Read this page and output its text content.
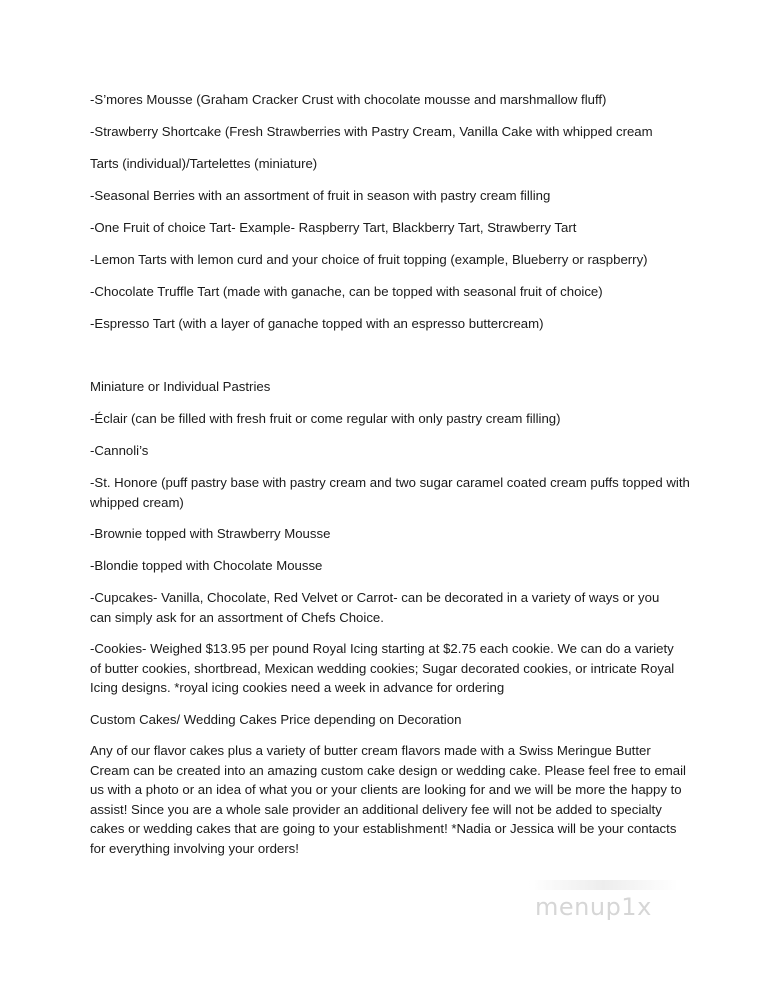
-S’mores Mousse (Graham Cracker Crust with chocolate mousse and marshmallow fluff)
-Strawberry Shortcake (Fresh Strawberries with Pastry Cream, Vanilla Cake with whipped cream
Tarts (individual)/Tartelettes (miniature)
-Seasonal Berries with an assortment of fruit in season with pastry cream filling
-One Fruit of choice Tart- Example- Raspberry Tart, Blackberry Tart, Strawberry Tart
-Lemon Tarts with lemon curd and your choice of fruit topping (example, Blueberry or raspberry)
-Chocolate Truffle Tart (made with ganache, can be topped with seasonal fruit of choice)
-Espresso Tart (with a layer of ganache topped with an espresso buttercream)
Miniature or Individual Pastries
-Éclair (can be filled with fresh fruit or come regular with only pastry cream filling)
-Cannoli’s
-St. Honore (puff pastry base with pastry cream and two sugar caramel coated cream puffs topped with whipped cream)
-Brownie topped with Strawberry Mousse
-Blondie topped with Chocolate Mousse
-Cupcakes- Vanilla, Chocolate, Red Velvet or Carrot- can be decorated in a variety of ways or you can simply ask for an assortment of Chefs Choice.
-Cookies- Weighed $13.95 per pound Royal Icing starting at $2.75 each cookie. We can do a variety of butter cookies, shortbread, Mexican wedding cookies; Sugar decorated cookies, or intricate Royal Icing designs. *royal icing cookies need a week in advance for ordering
Custom Cakes/ Wedding Cakes Price depending on Decoration
Any of our flavor cakes plus a variety of butter cream flavors made with a Swiss Meringue Butter Cream can be created into an amazing custom cake design or wedding cake. Please feel free to email us with a photo or an idea of what you or your clients are looking for and we will be more the happy to assist! Since you are a whole sale provider an additional delivery fee will not be added to specialty cakes or wedding cakes that are going to your establishment! *Nadia or Jessica will be your contacts for everything involving your orders!
menup1x
